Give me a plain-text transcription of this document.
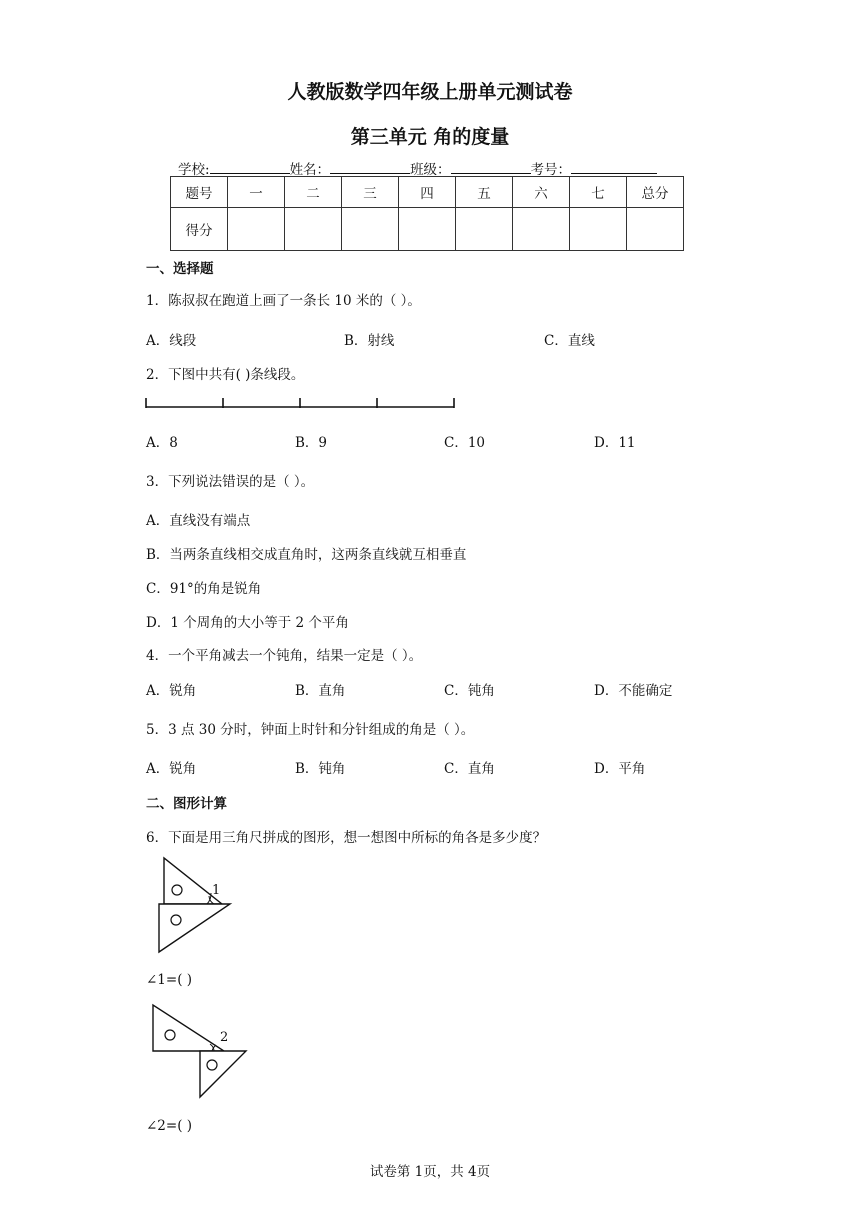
人教版数学四年级上册单元测试卷
第三单元 角的度量
学校:	姓名：	班级：	考号：
题号	一	二	三	四	五	六	七	总分
得分								
一、选择题
1．陈叔叔在跑道上画了一条长 10 米的（ ）。
A．线段	B．射线	C．直线
2．下图中共有( )条线段。
A．8	B．9	C．10	D．11
3．下列说法错误的是（ ）。
A．直线没有端点
B．当两条直线相交成直角时，这两条直线就互相垂直
C．91°的角是锐角
D．1 个周角的大小等于 2 个平角
4．一个平角减去一个钝角，结果一定是（ ）。
A．锐角	B．直角	C．钝角	D．不能确定
5．3 点 30 分时，钟面上时针和分针组成的角是（ ）。
A．锐角	B．钝角	C．直角	D．平角
二、图形计算
6．下面是用三角尺拼成的图形，想一想图中所标的角各是多少度？
1
∠1=( )
2
∠2=( )
试卷第 1页，共 4页
